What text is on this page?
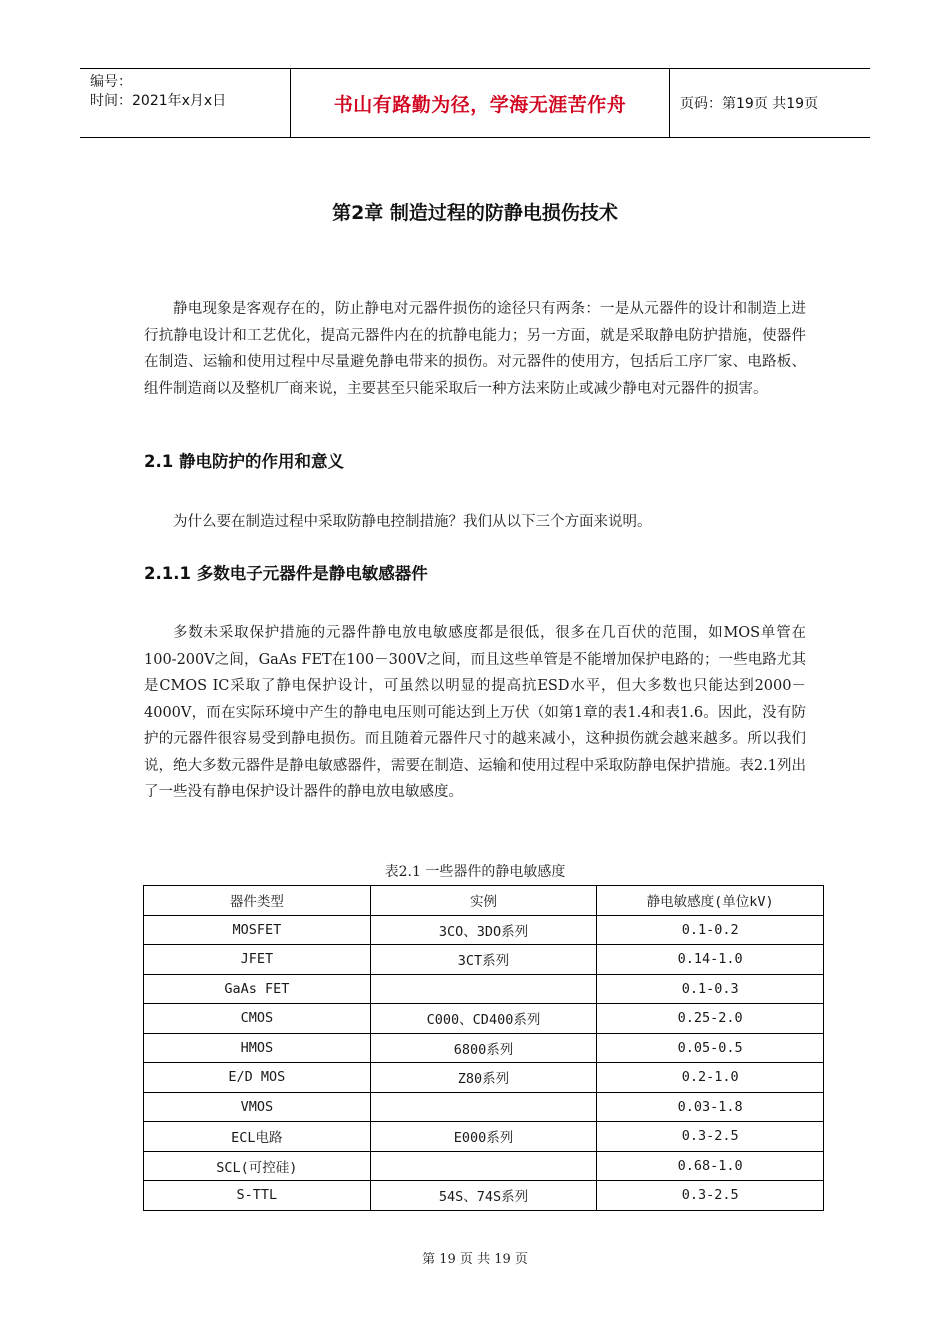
编号：
时间：2021年x月x日	书山有路勤为径，学海无涯苦作舟	页码：第19页 共19页
第2章 制造过程的防静电损伤技术

静电现象是客观存在的，防止静电对元器件损伤的途径只有两条：一是从元器件的设计和制造上进行抗静电设计和工艺优化，提高元器件内在的抗静电能力；另一方面，就是采取静电防护措施，使器件在制造、运输和使用过程中尽量避免静电带来的损伤。对元器件的使用方，包括后工序厂家、电路板、组件制造商以及整机厂商来说，主要甚至只能采取后一种方法来防止或减少静电对元器件的损害。

2.1 静电防护的作用和意义

为什么要在制造过程中采取防静电控制措施？我们从以下三个方面来说明。

2.1.1 多数电子元器件是静电敏感器件

多数未采取保护措施的元器件静电放电敏感度都是很低，很多在几百伏的范围，如MOS单管在100-200V之间，GaAs FET在100－300V之间，而且这些单管是不能增加保护电路的；一些电路尤其是CMOS IC采取了静电保护设计，可虽然以明显的提高抗ESD水平，但大多数也只能达到2000－4000V，而在实际环境中产生的静电电压则可能达到上万伏（如第1章的表1.4和表1.6。因此，没有防护的元器件很容易受到静电损伤。而且随着元器件尺寸的越来减小，这种损伤就会越来越多。所以我们说，绝大多数元器件是静电敏感器件，需要在制造、运输和使用过程中采取防静电保护措施。表2.1列出了一些没有静电保护设计器件的静电放电敏感度。

表2.1 一些器件的静电敏感度
器件类型	实例	静电敏感度(单位kV)
MOSFET	3CO、3DO系列	0.1-0.2
JFET	3CT系列	0.14-1.0
GaAs FET		0.1-0.3
CMOS	C000、CD400系列	0.25-2.0
HMOS	6800系列	0.05-0.5
E/D MOS	Z80系列	0.2-1.0
VMOS		0.03-1.8
ECL电路	E000系列	0.3-2.5
SCL(可控硅)		0.68-1.0
S-TTL	54S、74S系列	0.3-2.5
第 19 页 共 19 页
